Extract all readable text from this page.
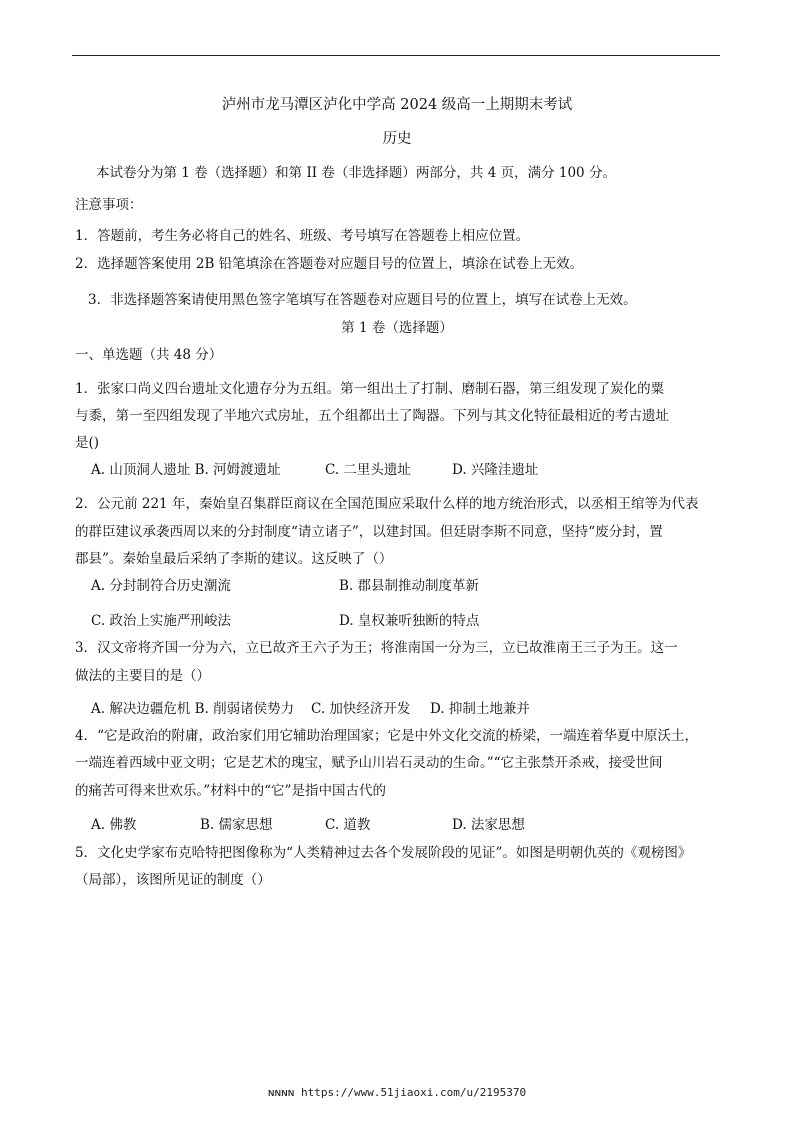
泸州市龙马潭区泸化中学高 2024 级高一上期期末考试
历史
本试卷分为第 1 卷（选择题）和第 II 卷（非选择题）两部分，共 4 页，满分 100 分。
注意事项：
1．答题前，考生务必将自己的姓名、班级、考号填写在答题卷上相应位置。
2．选择题答案使用 2B 铅笔填涂在答题卷对应题目号的位置上，填涂在试卷上无效。
3．非选择题答案请使用黑色签字笔填写在答题卷对应题目号的位置上，填写在试卷上无效。
第 1 卷（选择题）
一、单选题（共 48 分）
1．张家口尚义四台遗址文化遗存分为五组。第一组出土了打制、磨制石器，第三组发现了炭化的粟
与黍，第一至四组发现了半地穴式房址，五个组都出土了陶器。下列与其文化特征最相近的考古遗址
是()
A. 山顶洞人遗址 B. 河姆渡遗址	C. 二里头遗址	D. 兴隆洼遗址
2．公元前 221 年，秦始皇召集群臣商议在全国范围应采取什么样的地方统治形式，以丞相王绾等为代表
的群臣建议承袭西周以来的分封制度“请立诸子”，以建封国。但廷尉李斯不同意，坚持“废分封，置
郡县”。秦始皇最后采纳了李斯的建议。这反映了（）
A. 分封制符合历史潮流	B. 郡县制推动制度革新
C. 政治上实施严刑峻法	D. 皇权兼听独断的特点
3．汉文帝将齐国一分为六，立已故齐王六子为王；将淮南国一分为三，立已故淮南王三子为王。这一
做法的主要目的是（）
A. 解决边疆危机 B. 削弱诸侯势力 C. 加快经济开发 D. 抑制土地兼并
4．“它是政治的附庸，政治家们用它辅助治理国家；它是中外文化交流的桥梁，一端连着华夏中原沃土，
一端连着西域中亚文明；它是艺术的瑰宝，赋予山川岩石灵动的生命。”“它主张禁开杀戒，接受世间
的痛苦可得来世欢乐。”材料中的“它”是指中国古代的
A. 佛教	B. 儒家思想	C. 道教	D. 法家思想
5．文化史学家布克哈特把图像称为“人类精神过去各个发展阶段的见证”。如图是明朝仇英的《观榜图》
（局部），该图所见证的制度（）
ɴɴɴɴ https://www.51jiaoxi.com/u/2195370
